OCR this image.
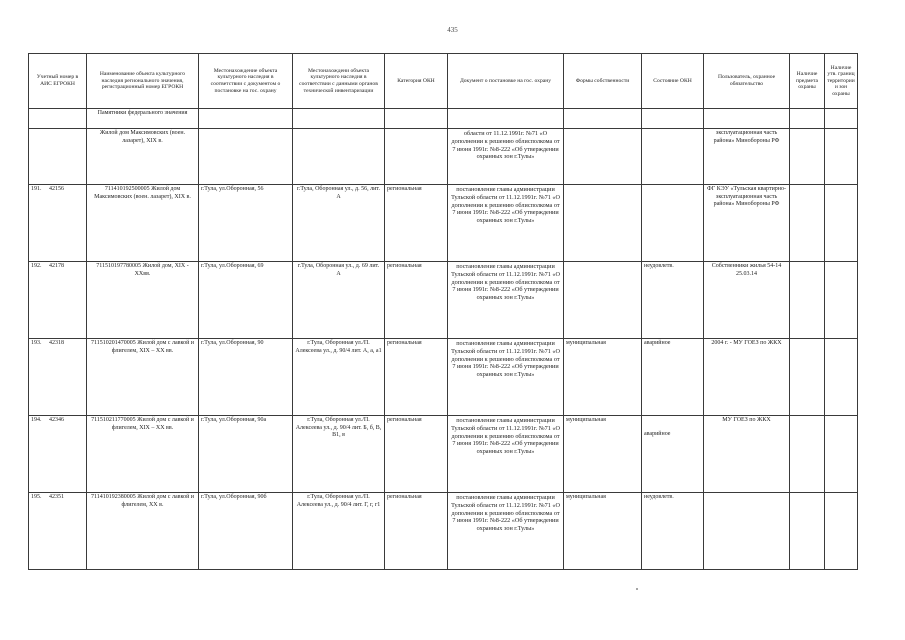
435
Учетный номер в АИС ЕГРОКН	Наименование объекта культурного наследия регионального значения, регистрационный номер ЕГРОКН	Местонахождение объекта культурного наследия в соответствии с документом о постановке на гос. охрану	Местонахождени объекта культурного наследия в соответствии с данными органов технической инвентаризации	Категория ОКН	Документ о постановке на гос. охрану	Формы собственности	Состояние ОКН	Пользователь, охранное обязательство	Наличие предмета охраны	Наличие утв. границ территории и зон охраны
	Памятники федерального значения									
	Жилой дом Максимовских (воен. лазарет), XIX в.				области от 11.12.1991г. №71 «О дополнении к решению облисполкома от 7 июня 1991г. №8-222 «Об утверждении охранных зон г.Тулы»			эксплуатационная часть района» Минобороны РФ		
191. 42156	711410192500005 Жилой дом Максимовских (воен. лазарет), XIX в.	г.Тула, ул.Оборонная, 56	г.Тула, Оборонная ул., д. 56, лит. А	региональная	постановление главы администрации Тульской области от 11.12.1991г. №71 «О дополнении к решению облисполкома от 7 июня 1991г. №8-222 «Об утверждении охранных зон г.Тулы»			ФГ КЭУ «Тульская квартирно-эксплуатационная часть района» Минобороны РФ		
192. 42178	711510197780005 Жилой дом, XIX - XXвв.	г.Тула, ул.Оборонная, 69	г.Тула, Оборонная ул., д. 69 лит. А	региональная	постановление главы администрации Тульской области от 11.12.1991г. №71 «О дополнении к решению облисполкома от 7 июня 1991г. №8-222 «Об утверждении охранных зон г.Тулы»		неудовлетв.	Собственники жилья 54-14 25.03.14		
193. 42318	711510201470005 Жилой дом с лавкой и флигелем, XIX – XX вв.	г.Тула, ул.Оборонная, 90	г.Тула, Оборонная ул./П. Алексеева ул., д. 90/4 лит. А, а, а1	региональная	постановление главы администрации Тульской области от 11.12.1991г. №71 «О дополнении к решению облисполкома от 7 июня 1991г. №8-222 «Об утверждении охранных зон г.Тулы»	муниципальная	аварийное	2004 г. - МУ ГОЕЗ по ЖКХ		
194. 42346	711510211770005 Жилой дом с лавкой и флигелем, XIX – XX вв.	г.Тула, ул.Оборонная, 90а	г.Тула, Оборонная ул./П. Алексеева ул., д. 90/4 лит. Б, б, В, В1, в	региональная	постановление главы администрации Тульской области от 11.12.1991г. №71 «О дополнении к решению облисполкома от 7 июня 1991г. №8-222 «Об утверждении охранных зон г.Тулы»	муниципальная	аварийное	МУ ГОЕЗ по ЖКХ		
195. 42351	711410192380005 Жилой дом с лавкой и флигелем, XX в.	г.Тула, ул.Оборонная, 90б	г.Тула, Оборонная ул./П. Алексеева ул., д. 90/4 лит. Г, г, г1	региональная	постановление главы администрации Тульской области от 11.12.1991г. №71 «О дополнении к решению облисполкома от 7 июня 1991г. №8-222 «Об утверждении охранных зон г.Тулы»	муниципальная	неудовлетв.			
